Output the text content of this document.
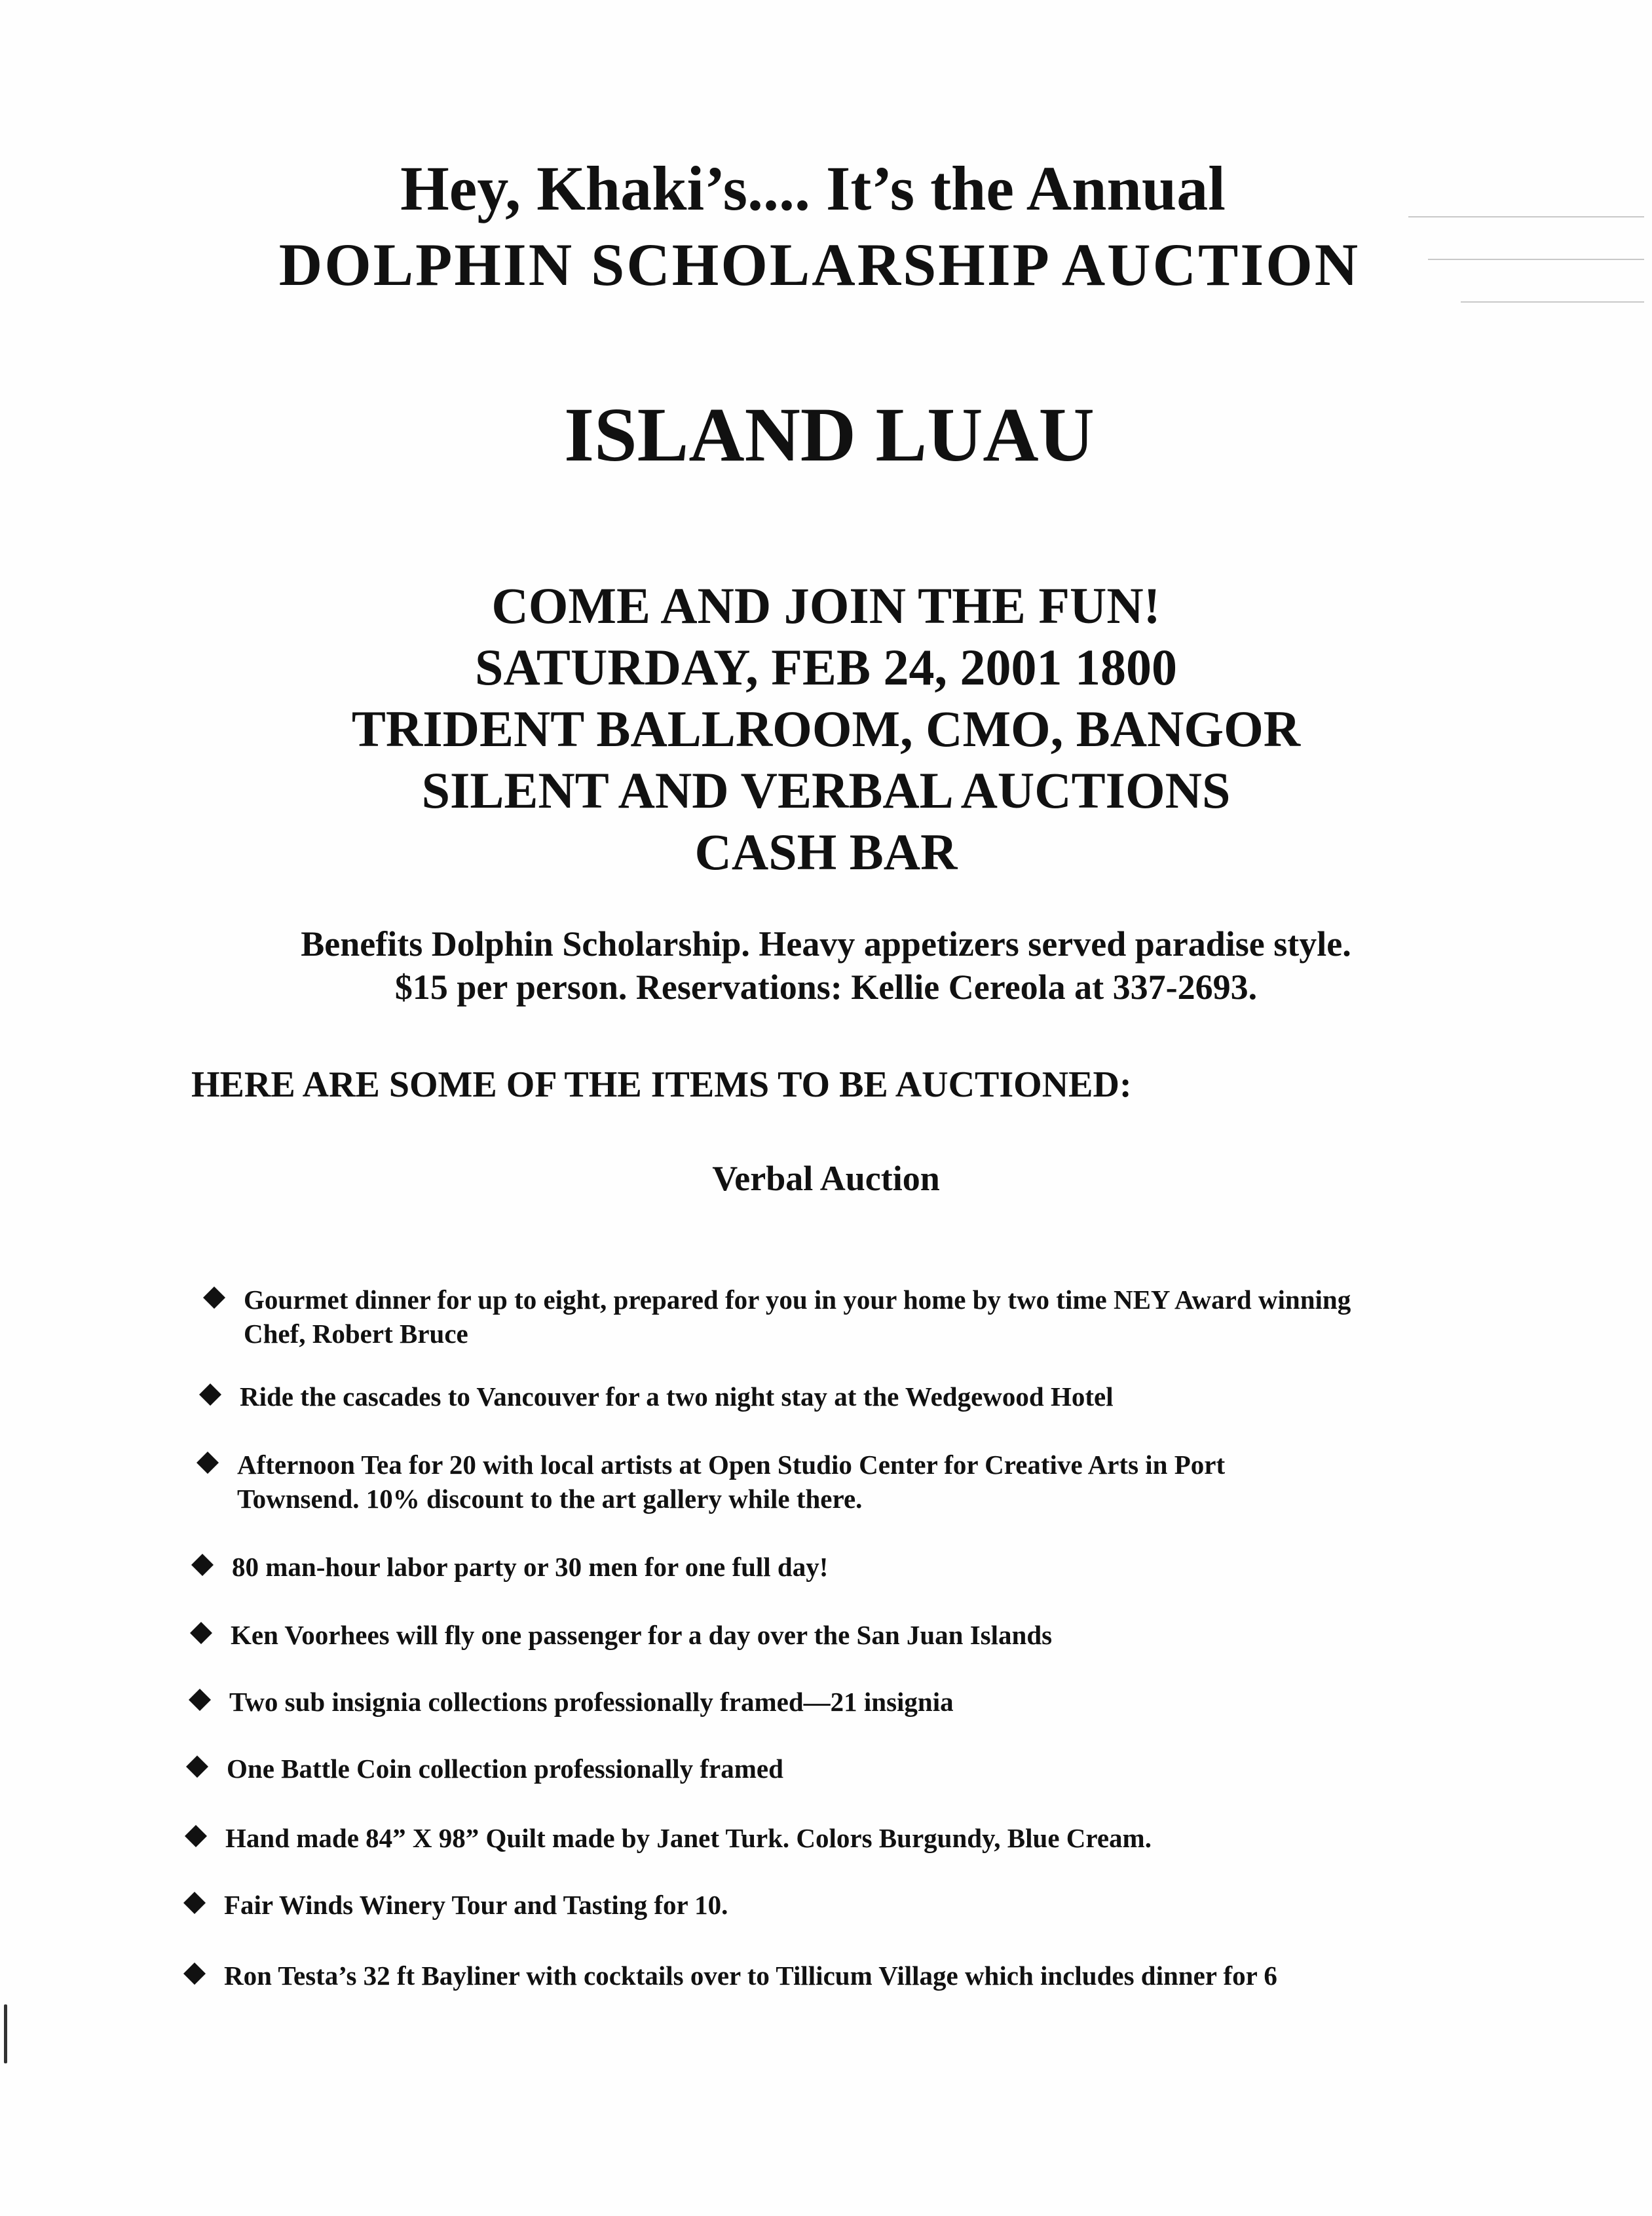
Hey, Khaki’s.... It’s the Annual
DOLPHIN SCHOLARSHIP AUCTION
ISLAND LUAU
COME AND JOIN THE FUN!
SATURDAY, FEB 24, 2001 1800
TRIDENT BALLROOM, CMO, BANGOR
SILENT AND VERBAL AUCTIONS
CASH BAR
Benefits Dolphin Scholarship. Heavy appetizers served paradise style.
$15 per person. Reservations: Kellie Cereola at 337-2693.
HERE ARE SOME OF THE ITEMS TO BE AUCTIONED:
Verbal Auction
Gourmet dinner for up to eight, prepared for you in your home by two time NEY Award winning Chef, Robert Bruce
Ride the cascades to Vancouver for a two night stay at the Wedgewood Hotel
Afternoon Tea for 20 with local artists at Open Studio Center for Creative Arts in Port Townsend. 10% discount to the art gallery while there.
80 man-hour labor party or 30 men for one full day!
Ken Voorhees will fly one passenger for a day over the San Juan Islands
Two sub insignia collections professionally framed—21 insignia
One Battle Coin collection professionally framed
Hand made 84” X 98” Quilt made by Janet Turk. Colors Burgundy, Blue Cream.
Fair Winds Winery Tour and Tasting for 10.
Ron Testa’s 32 ft Bayliner with cocktails over to Tillicum Village which includes dinner for 6
